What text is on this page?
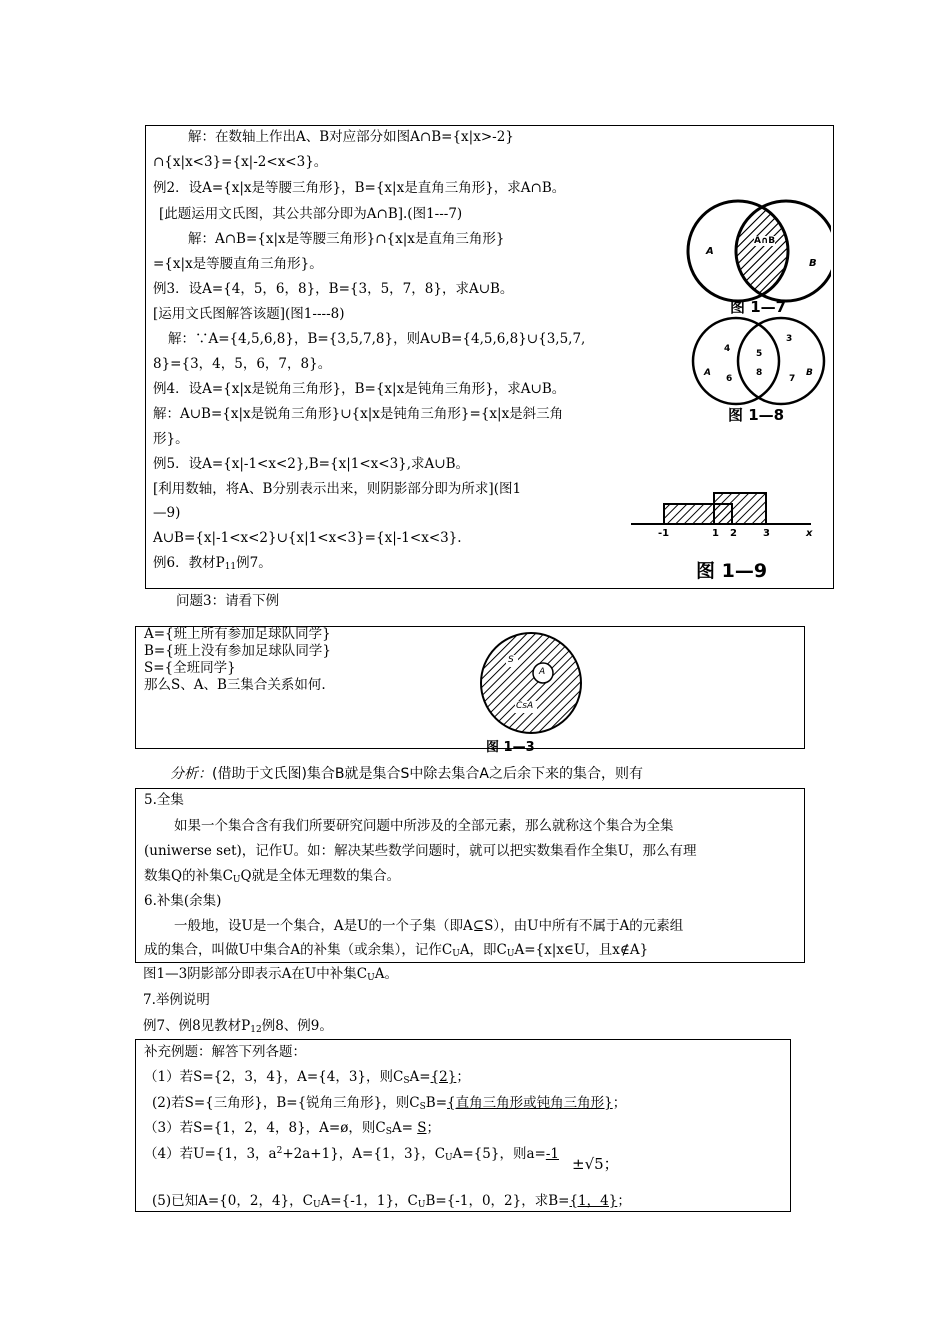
解：在数轴上作出A、B对应部分如图A∩B={x|x>-2}
∩{x|x<3}={x|-2<x<3}。
例2．设A={x|x是等腰三角形}，B={x|x是直角三角形}，求A∩B。
[此题运用文氏图，其公共部分即为A∩B].(图1---7)
解：A∩B={x|x是等腰三角形}∩{x|x是直角三角形}
={x|x是等腰直角三角形}。
例3．设A={4，5，6，8}，B={3，5，7，8}，求A∪B。
[运用文氏图解答该题](图1----8)
解：∵A={4,5,6,8}，B={3,5,7,8}，则A∪B={4,5,6,8}∪{3,5,7,
8}={3，4，5，6，7，8}。
例4．设A={x|x是锐角三角形}，B={x|x是钝角三角形}，求A∪B。
解：A∪B={x|x是锐角三角形}∪{x|x是钝角三角形}={x|x是斜三角
形}。
例5．设A={x|-1<x<2},B={x|1<x<3},求A∪B。
[利用数轴，将A、B分别表示出来，则阴影部分即为所求](图1
—9)
A∪B={x|-1<x<2}∪{x|1<x<3}={x|-1<x<3}.
例6．教材$P_{11}$例7。
A
B
A∩B
图 1—7
4
6
5
8
3
7
A	B
图 1—8
-1	1 2	3	x
图 1—9
问题3：请看下例
A={班上所有参加足球队同学}
B={班上没有参加足球队同学}
S={全班同学}
那么S、A、B三集合关系如何.
S
A
CsA
图 1—3
分析：(借助于文氏图)集合B就是集合S中除去集合A之后余下来的集合，则有
5.全集
如果一个集合含有我们所要研究问题中所涉及的全部元素，那么就称这个集合为全集
(uniwerse set)，记作U。如：解决某些数学问题时，就可以把实数集看作全集U，那么有理
数集Q的补集$C_UQ$就是全体无理数的集合。
6.补集(余集)
一般地，设U是一个集合，A是U的一个子集（即A⊆S），由U中所有不属于A的元素组
成的集合，叫做U中集合A的补集（或余集），记作$C_UA$，即$C_UA=\{x|x\in U$，且x∉A}
图1—3阴影部分即表示A在U中补集$C_UA$。
7.举例说明
例7、例8见教材$P_{12}$例8、例9。
补充例题：解答下列各题：
（1）若S={2，3，4}，A={4，3}，则$C_SA=\{2\}$；
(2)若S={三角形}，B={锐角三角形}，则$C_SB=${直角三角形或钝角三角形}；
（3）若S={1，2，4，8}，A=ø，则$C_SA= S$；
（4）若U={1，3，$a^2+2a+1$}，A={1，3}，$C_UA=\{5\}$，则a=-1
±√5；
(5)已知A={0，2，4}，$C_UA=\{-1$，1}，$C_UB=\{-1$，0，2}，求B={1，4}；
